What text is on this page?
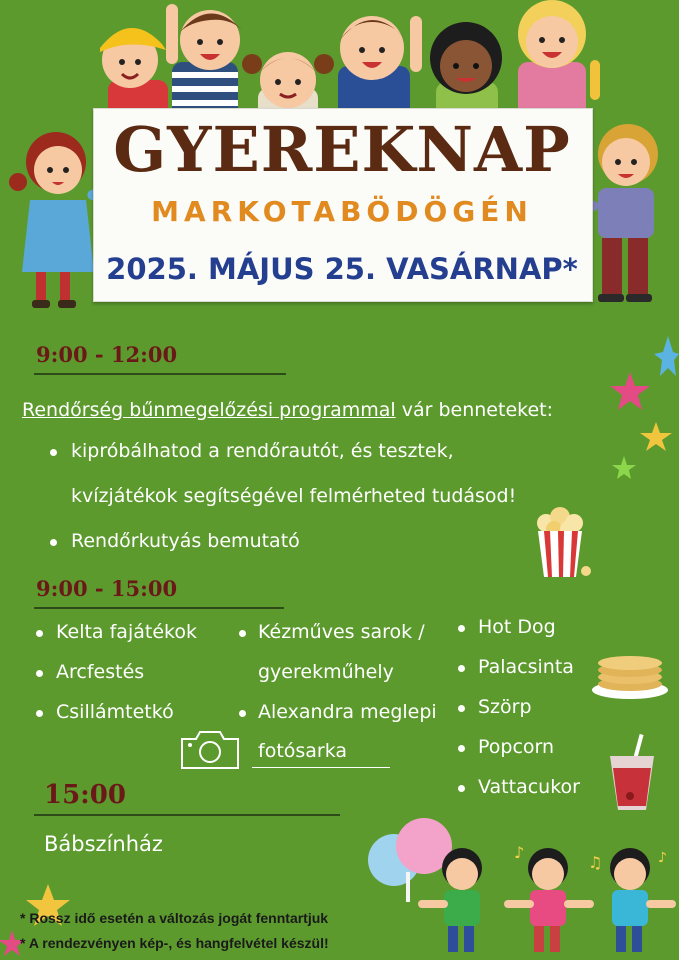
GYEREKNAP
MARKOTABÖDÖGÉN
2025. MÁJUS 25. VASÁRNAP*
9:00 - 12:00
Rendőrség bűnmegelőzési programmal vár benneteket:
kipróbálhatod a rendőrautót, és tesztek,
kvízjátékok segítségével felmérheted tudásod!
Rendőrkutyás bemutató
9:00 - 15:00
Kelta fajátékok
Arcfestés
Csillámtetkó
Kézműves sarok /
gyerekműhely
Alexandra meglepi
fotósarka
Hot Dog
Palacsinta
Szörp
Popcorn
Vattacukor
15:00
Bábszínház	♪
♫	♪
* Rossz idő esetén a változás jogát fenntartjuk
* A rendezvényen kép-, és hangfelvétel készül!
